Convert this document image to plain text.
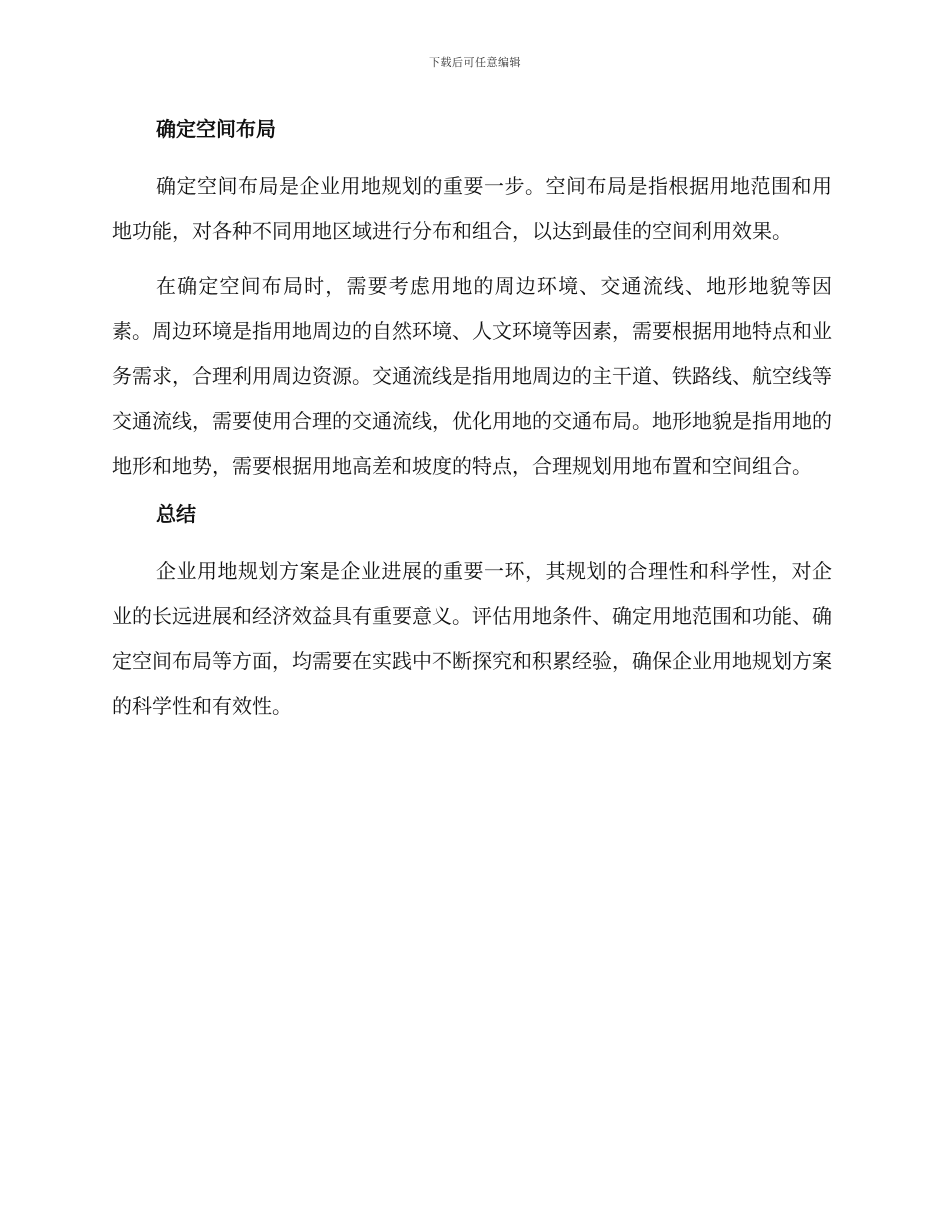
下载后可任意编辑
确定空间布局

确定空间布局是企业用地规划的重要一步。空间布局是指根据用地范围和用地功能，对各种不同用地区域进行分布和组合，以达到最佳的空间利用效果。

在确定空间布局时，需要考虑用地的周边环境、交通流线、地形地貌等因素。周边环境是指用地周边的自然环境、人文环境等因素，需要根据用地特点和业务需求，合理利用周边资源。交通流线是指用地周边的主干道、铁路线、航空线等交通流线，需要使用合理的交通流线，优化用地的交通布局。地形地貌是指用地的地形和地势，需要根据用地高差和坡度的特点，合理规划用地布置和空间组合。

总结

企业用地规划方案是企业进展的重要一环，其规划的合理性和科学性，对企业的长远进展和经济效益具有重要意义。评估用地条件、确定用地范围和功能、确定空间布局等方面，均需要在实践中不断探究和积累经验，确保企业用地规划方案的科学性和有效性。
